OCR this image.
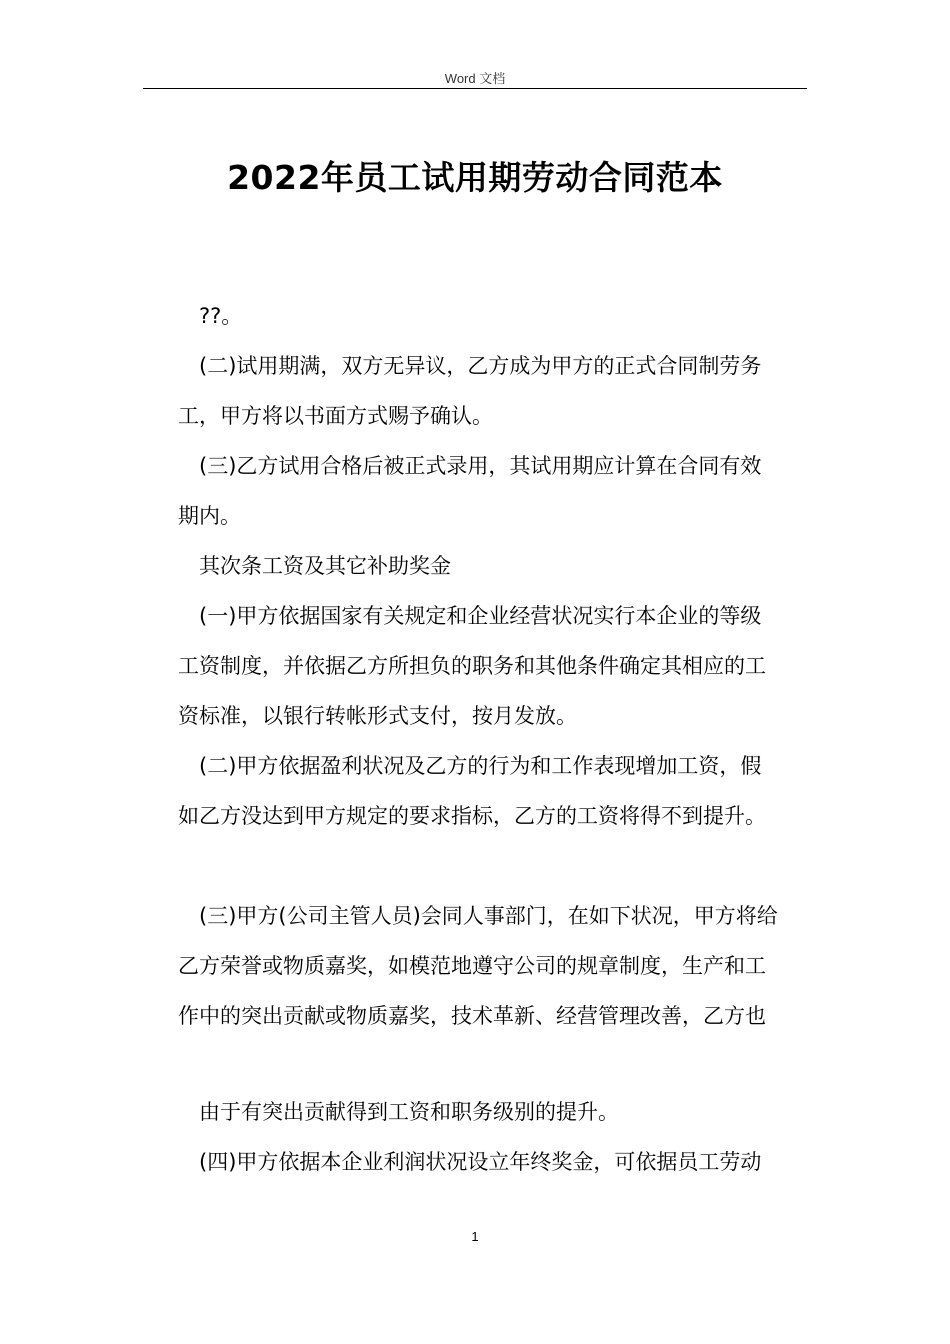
Word 文档
2022年员工试用期劳动合同范本
??。
(二)试用期满，双方无异议，乙方成为甲方的正式合同制劳务
工，甲方将以书面方式赐予确认。
(三)乙方试用合格后被正式录用，其试用期应计算在合同有效
期内。
其次条工资及其它补助奖金
(一)甲方依据国家有关规定和企业经营状况实行本企业的等级
工资制度，并依据乙方所担负的职务和其他条件确定其相应的工
资标准，以银行转帐形式支付，按月发放。
(二)甲方依据盈利状况及乙方的行为和工作表现增加工资，假
如乙方没达到甲方规定的要求指标，乙方的工资将得不到提升。
(三)甲方(公司主管人员)会同人事部门，在如下状况，甲方将给
乙方荣誉或物质嘉奖，如模范地遵守公司的规章制度，生产和工
作中的突出贡献或物质嘉奖，技术革新、经营管理改善，乙方也
由于有突出贡献得到工资和职务级别的提升。
(四)甲方依据本企业利润状况设立年终奖金，可依据员工劳动
1
